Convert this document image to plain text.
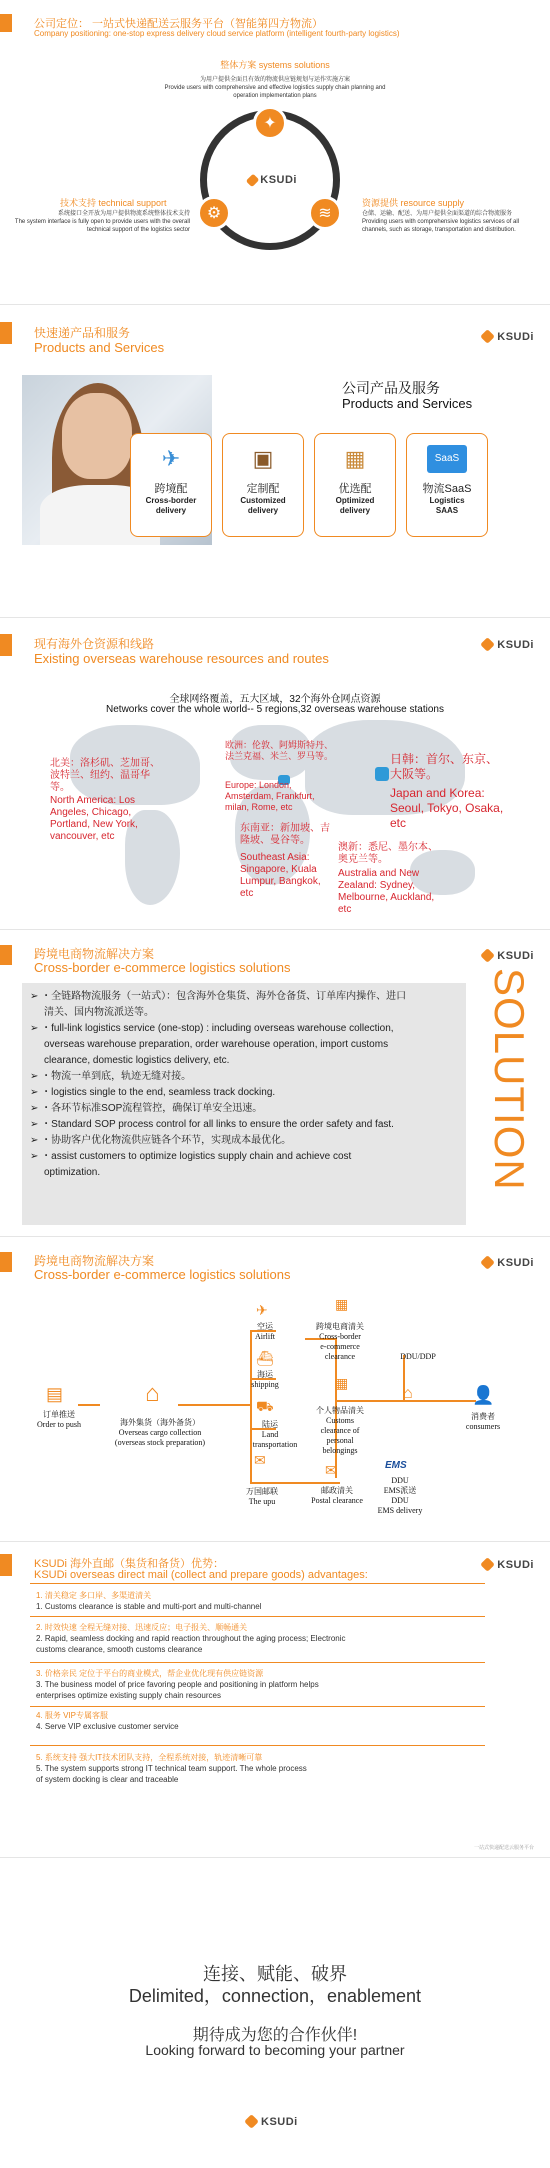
公司定位： 一站式快递配送云服务平台（智能第四方物流）
Company positioning: one-stop express delivery cloud service platform (intelligent fourth-party logistics)
整体方案 systems solutions
为用户提供全面且有效的物流供应链规划与运作实施方案
Provide users with comprehensive and effective logistics supply chain planning and operation implementation plans
✦
⚙	≋
KSUDi
技术支持 technical support
系统接口全开放为用户提供物流系统整体技术支持
The system interface is fully open to provide users with the overall technical support of the logistics sector
资源提供 resource supply
仓储、运输、配送、为用户提供全面渠道的综合物流服务
Providing users with comprehensive logistics services of all channels, such as storage, transportation and distribution.
快速递产品和服务
Products and Services
KSUDi
公司产品及服务
Products and Services
✈
跨境配
Cross-border
delivery
▣
定制配
Customized
delivery
▦
优选配
Optimized
delivery
SaaS
物流SaaS
Logistics
SAAS
现有海外仓资源和线路
Existing overseas warehouse resources and routes
KSUDi
全球网络覆盖，五大区域，32个海外仓网点资源
Networks cover the whole world-- 5 regions,32 overseas warehouse stations
北美：洛杉矶、芝加哥、波特兰、纽约、温哥华等。
North America: Los Angeles, Chicago, Portland, New York, vancouver, etc
欧洲：伦敦、阿姆斯特丹、法兰克福、米兰、罗马等。
Europe: London, Amsterdam, Frankfurt, milan, Rome, etc
东南亚：新加坡、吉隆坡、曼谷等。
Southeast Asia: Singapore, Kuala Lumpur, Bangkok, etc
日韩：首尔、东京、大阪等。
Japan and Korea: Seoul, Tokyo, Osaka, etc
澳新：悉尼、墨尔本、奥克兰等。
Australia and New Zealand: Sydney, Melbourne, Auckland, etc
跨境电商物流解决方案
Cross-border e-commerce logistics solutions
KSUDi
➢ ・全链路物流服务（一站式）：包含海外仓集货、海外仓备货、订单库内操作、进口
清关、国内物流派送等。
➢ ・full-link logistics service (one-stop) : including overseas warehouse collection,
overseas warehouse preparation, order warehouse operation, import customs
clearance, domestic logistics delivery, etc.
➢ ・物流一单到底，轨迹无缝对接。
➢ ・logistics single to the end, seamless track docking.
➢ ・各环节标准SOP流程管控，确保订单安全迅速。
➢ ・Standard SOP process control for all links to ensure the order safety and fast.
➢ ・协助客户优化物流供应链各个环节，实现成本最优化。
➢ ・assist customers to optimize logistics supply chain and achieve cost
optimization.	SOLUTION
跨境电商物流解决方案
Cross-border e-commerce logistics solutions
KSUDi
▤
订单推送
Order to push
⌂
海外集货（海外备货）
Overseas cargo collection
(overseas stock preparation)
✈
空运
Airlift
⛴
海运
shipping
⛟
陆运
Land
transportation
✉
万国邮联
The upu
▦
跨境电商清关
Cross-border
e-commerce
clearance
▦
个人物品清关
Customs
clearance of
personal
belongings
✉
邮政清关
Postal clearance
⌂
DDU/DDP
EMS
DDU
EMS派送
DDU
EMS delivery
👤
消费者
consumers
KSUDi 海外直邮（集货和备货）优势：
KSUDi overseas direct mail (collect and prepare goods) advantages:
KSUDi
一站式快递配送云服务平台
1. 清关稳定 多口岸、多渠道清关
1. Customs clearance is stable and multi-port and multi-channel
2. 时效快速 全程无缝对接、迅速反应；电子报关、顺畅通关
2. Rapid, seamless docking and rapid reaction throughout the aging process; Electronic
customs clearance, smooth customs clearance
3. 价格亲民 定位于平台的商业模式，帮企业优化现有供应链资源
3. The business model of price favoring people and positioning in platform helps
enterprises optimize existing supply chain resources
4. 服务 VIP专属客服
4. Serve VIP exclusive customer service
5. 系统支持 强大IT技术团队支持，全程系统对接，轨迹清晰可靠
5. The system supports strong IT technical team support. The whole process
of system docking is clear and traceable
连接、赋能、破界
Delimited，connection，enablement
期待成为您的合作伙伴!
Looking forward to becoming your partner
KSUDi
